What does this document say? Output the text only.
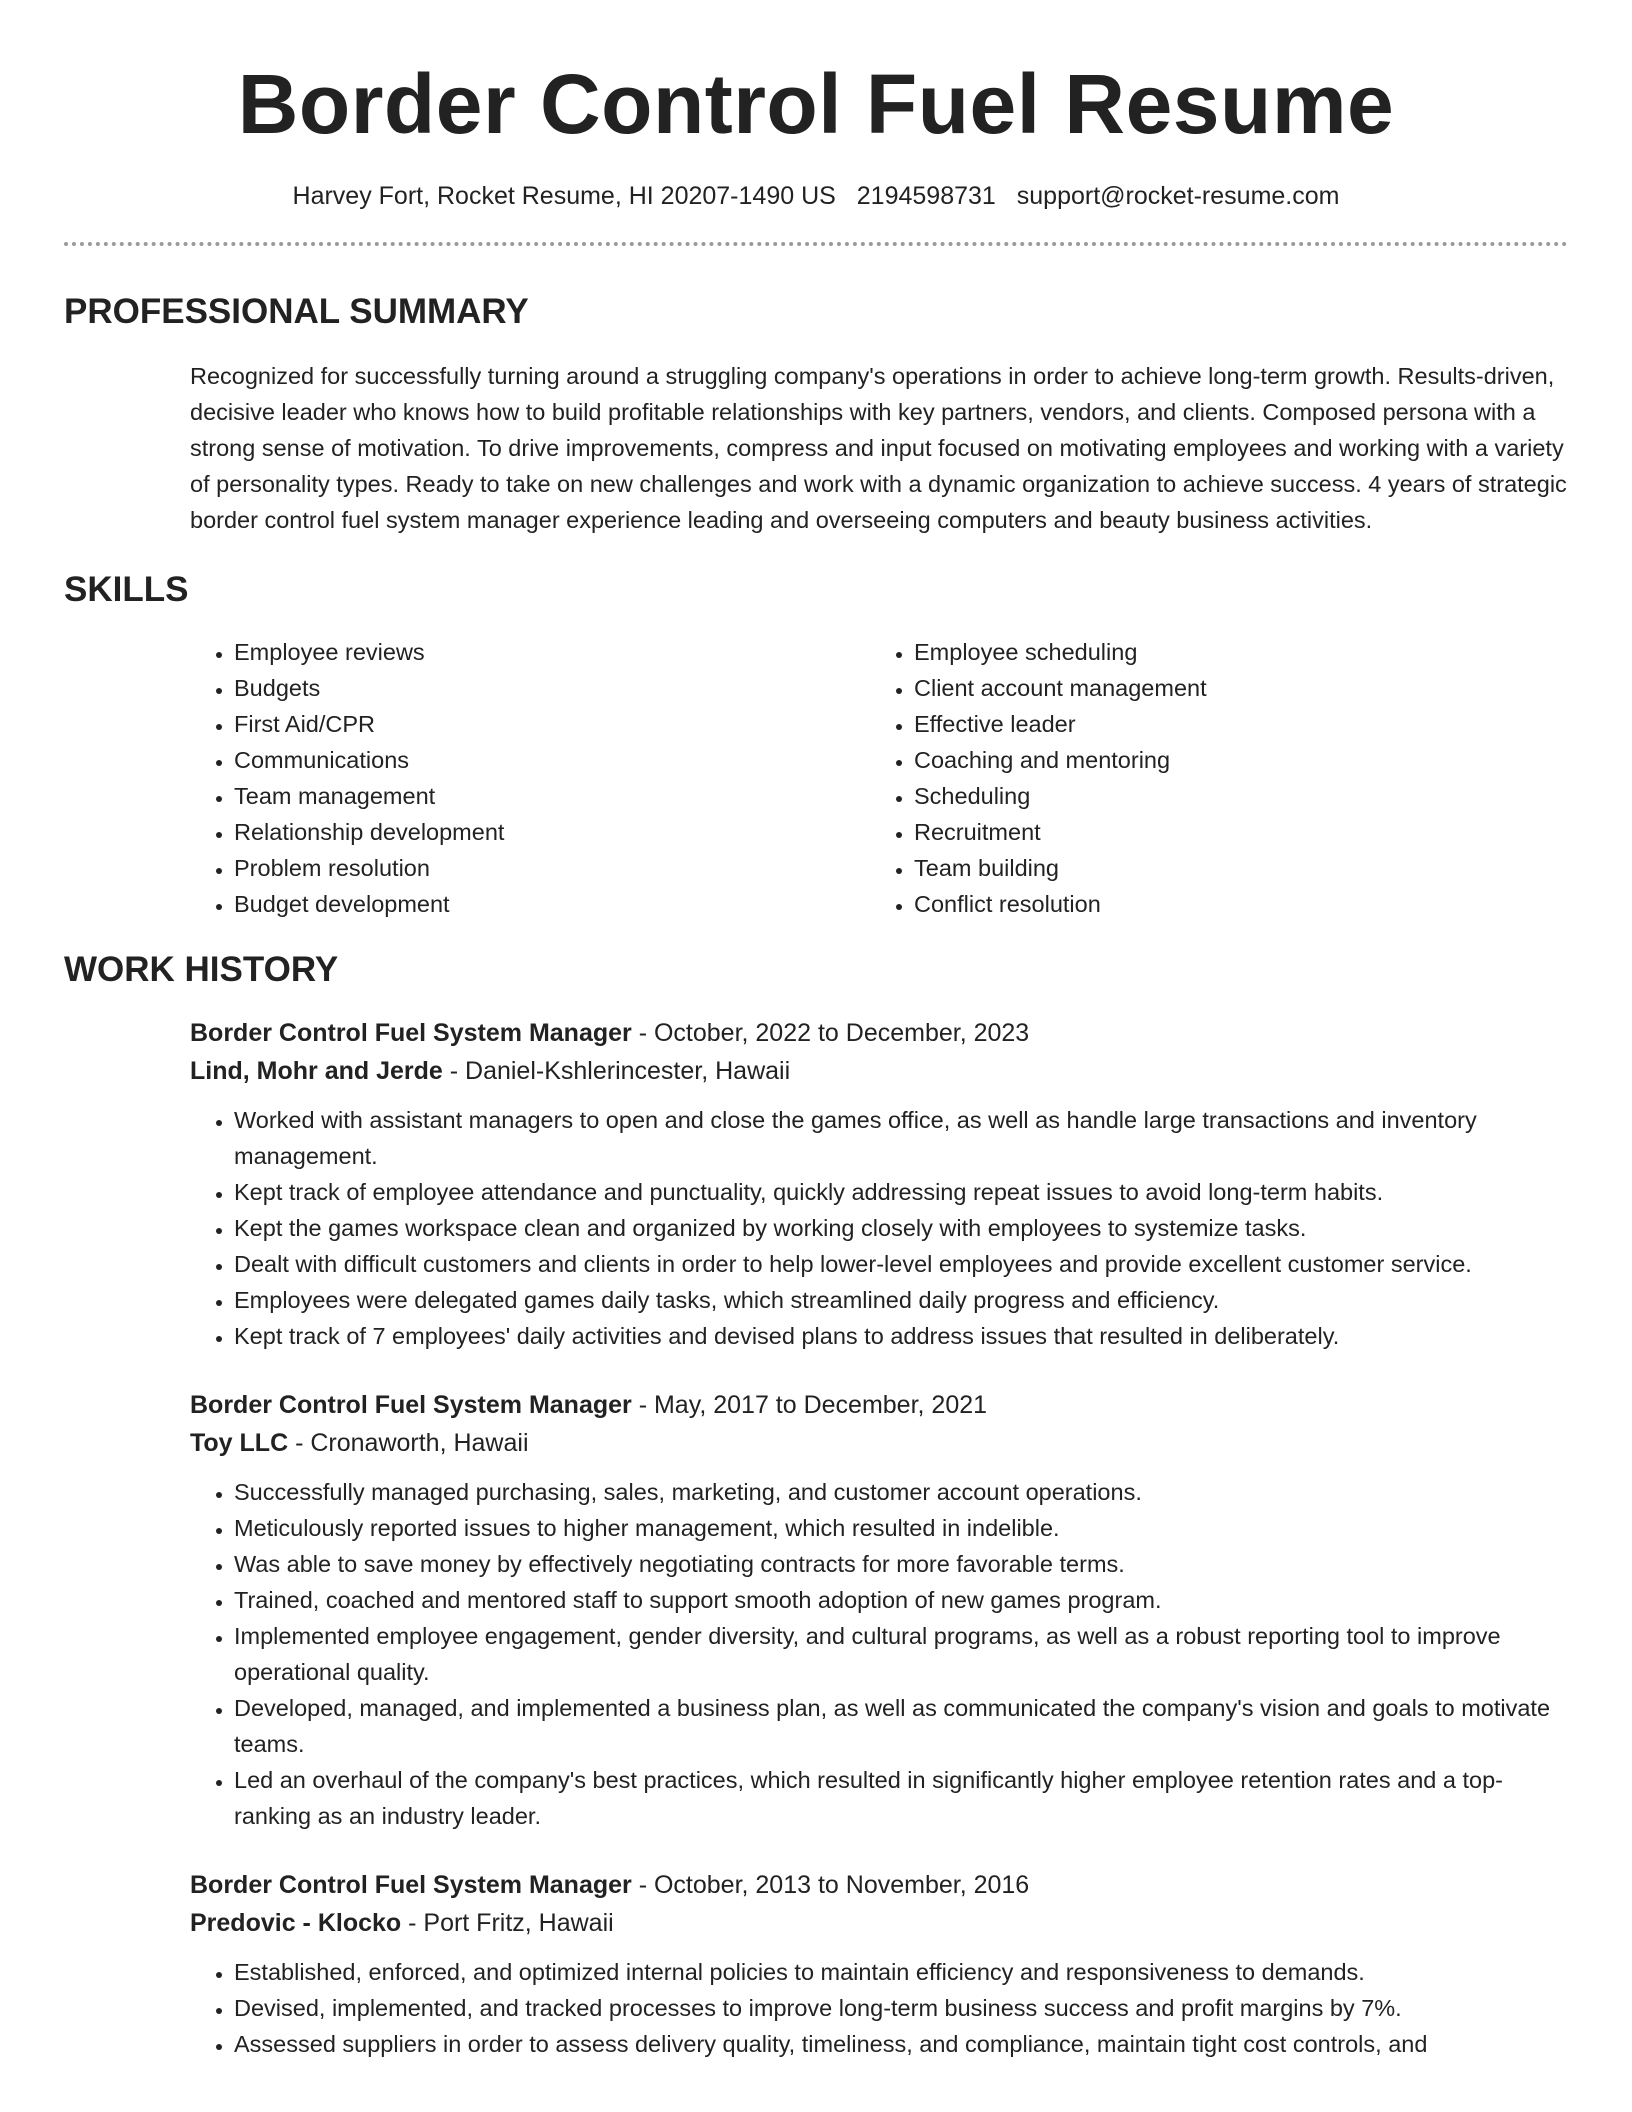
Border Control Fuel Resume
Harvey Fort, Rocket Resume, HI 20207-1490 US 2194598731 support@rocket-resume.com
PROFESSIONAL SUMMARY

Recognized for successfully turning around a struggling company's operations in order to achieve long-term growth. Results-driven, decisive leader who knows how to build profitable relationships with key partners, vendors, and clients. Composed persona with a strong sense of motivation. To drive improvements, compress and input focused on motivating employees and working with a variety of personality types. Ready to take on new challenges and work with a dynamic organization to achieve success. 4 years of strategic border control fuel system manager experience leading and overseeing computers and beauty business activities.

SKILLS
• Employee reviews
• Budgets
• First Aid/CPR
• Communications
• Team management
• Relationship development
• Problem resolution
• Budget development
• Employee scheduling
• Client account management
• Effective leader
• Coaching and mentoring
• Scheduling
• Recruitment
• Team building
• Conflict resolution
WORK HISTORY
Border Control Fuel System Manager - October, 2022 to December, 2023
Lind, Mohr and Jerde - Daniel-Kshlerincester, Hawaii
• Worked with assistant managers to open and close the games office, as well as handle large transactions and inventory management.
• Kept track of employee attendance and punctuality, quickly addressing repeat issues to avoid long-term habits.
• Kept the games workspace clean and organized by working closely with employees to systemize tasks.
• Dealt with difficult customers and clients in order to help lower-level employees and provide excellent customer service.
• Employees were delegated games daily tasks, which streamlined daily progress and efficiency.
• Kept track of 7 employees' daily activities and devised plans to address issues that resulted in deliberately.
Border Control Fuel System Manager - May, 2017 to December, 2021
Toy LLC - Cronaworth, Hawaii
• Successfully managed purchasing, sales, marketing, and customer account operations.
• Meticulously reported issues to higher management, which resulted in indelible.
• Was able to save money by effectively negotiating contracts for more favorable terms.
• Trained, coached and mentored staff to support smooth adoption of new games program.
• Implemented employee engagement, gender diversity, and cultural programs, as well as a robust reporting tool to improve operational quality.
• Developed, managed, and implemented a business plan, as well as communicated the company's vision and goals to motivate teams.
• Led an overhaul of the company's best practices, which resulted in significantly higher employee retention rates and a top-ranking as an industry leader.
Border Control Fuel System Manager - October, 2013 to November, 2016
Predovic - Klocko - Port Fritz, Hawaii
• Established, enforced, and optimized internal policies to maintain efficiency and responsiveness to demands.
• Devised, implemented, and tracked processes to improve long-term business success and profit margins by 7%.
• Assessed suppliers in order to assess delivery quality, timeliness, and compliance, maintain tight cost controls, and
